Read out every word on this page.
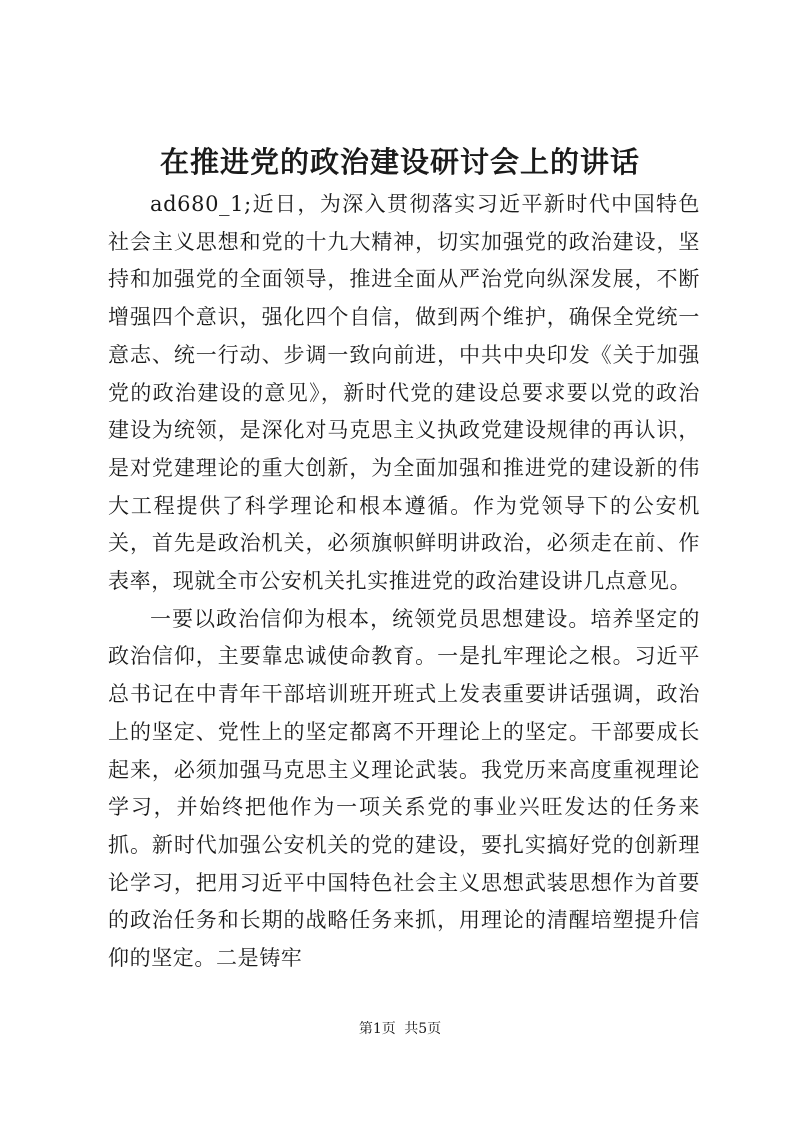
在推进党的政治建设研讨会上的讲话

ad680_1;近日，为深入贯彻落实习近平新时代中国特色社会主义思想和党的十九大精神，切实加强党的政治建设，坚持和加强党的全面领导，推进全面从严治党向纵深发展，不断增强四个意识，强化四个自信，做到两个维护，确保全党统一意志、统一行动、步调一致向前进，中共中央印发《关于加强党的政治建设的意见》，新时代党的建设总要求要以党的政治建设为统领，是深化对马克思主义执政党建设规律的再认识，是对党建理论的重大创新，为全面加强和推进党的建设新的伟大工程提供了科学理论和根本遵循。作为党领导下的公安机关，首先是政治机关，必须旗帜鲜明讲政治，必须走在前、作表率，现就全市公安机关扎实推进党的政治建设讲几点意见。

一要以政治信仰为根本，统领党员思想建设。培养坚定的政治信仰，主要靠忠诚使命教育。一是扎牢理论之根。习近平总书记在中青年干部培训班开班式上发表重要讲话强调，政治上的坚定、党性上的坚定都离不开理论上的坚定。干部要成长起来，必须加强马克思主义理论武装。我党历来高度重视理论学习，并始终把他作为一项关系党的事业兴旺发达的任务来抓。新时代加强公安机关的党的建设，要扎实搞好党的创新理论学习，把用习近平中国特色社会主义思想武装思想作为首要的政治任务和长期的战略任务来抓，用理论的清醒培塑提升信仰的坚定。二是铸牢

第1页 共5页
